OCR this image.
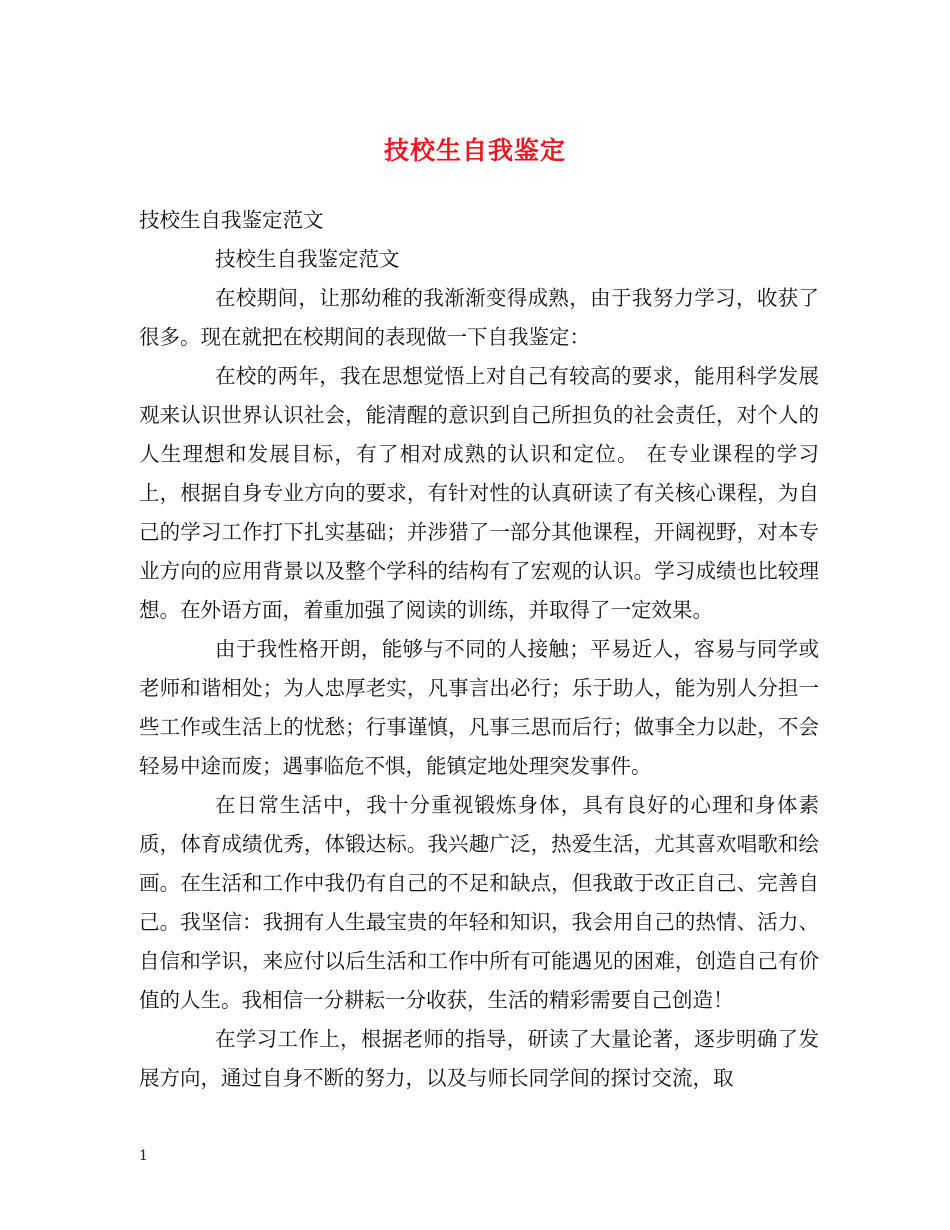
技校生自我鉴定

技校生自我鉴定范文

技校生自我鉴定范文

在校期间，让那幼稚的我渐渐变得成熟，由于我努力学习，收获了很多。现在就把在校期间的表现做一下自我鉴定：

在校的两年，我在思想觉悟上对自己有较高的要求，能用科学发展观来认识世界认识社会，能清醒的意识到自己所担负的社会责任，对个人的人生理想和发展目标，有了相对成熟的认识和定位。 在专业课程的学习上，根据自身专业方向的要求，有针对性的认真研读了有关核心课程，为自己的学习工作打下扎实基础；并涉猎了一部分其他课程，开阔视野，对本专业方向的应用背景以及整个学科的结构有了宏观的认识。学习成绩也比较理想。在外语方面，着重加强了阅读的训练，并取得了一定效果。

由于我性格开朗，能够与不同的人接触；平易近人，容易与同学或老师和谐相处；为人忠厚老实，凡事言出必行；乐于助人，能为别人分担一些工作或生活上的忧愁；行事谨慎，凡事三思而后行；做事全力以赴，不会轻易中途而废；遇事临危不惧，能镇定地处理突发事件。

在日常生活中，我十分重视锻炼身体，具有良好的心理和身体素质，体育成绩优秀，体锻达标。我兴趣广泛，热爱生活，尤其喜欢唱歌和绘画。在生活和工作中我仍有自己的不足和缺点，但我敢于改正自己、完善自己。我坚信：我拥有人生最宝贵的年轻和知识，我会用自己的热情、活力、自信和学识，来应付以后生活和工作中所有可能遇见的困难，创造自己有价值的人生。我相信一分耕耘一分收获，生活的精彩需要自己创造！

在学习工作上，根据老师的指导，研读了大量论著，逐步明确了发展方向，通过自身不断的努力，以及与师长同学间的探讨交流，取

1
